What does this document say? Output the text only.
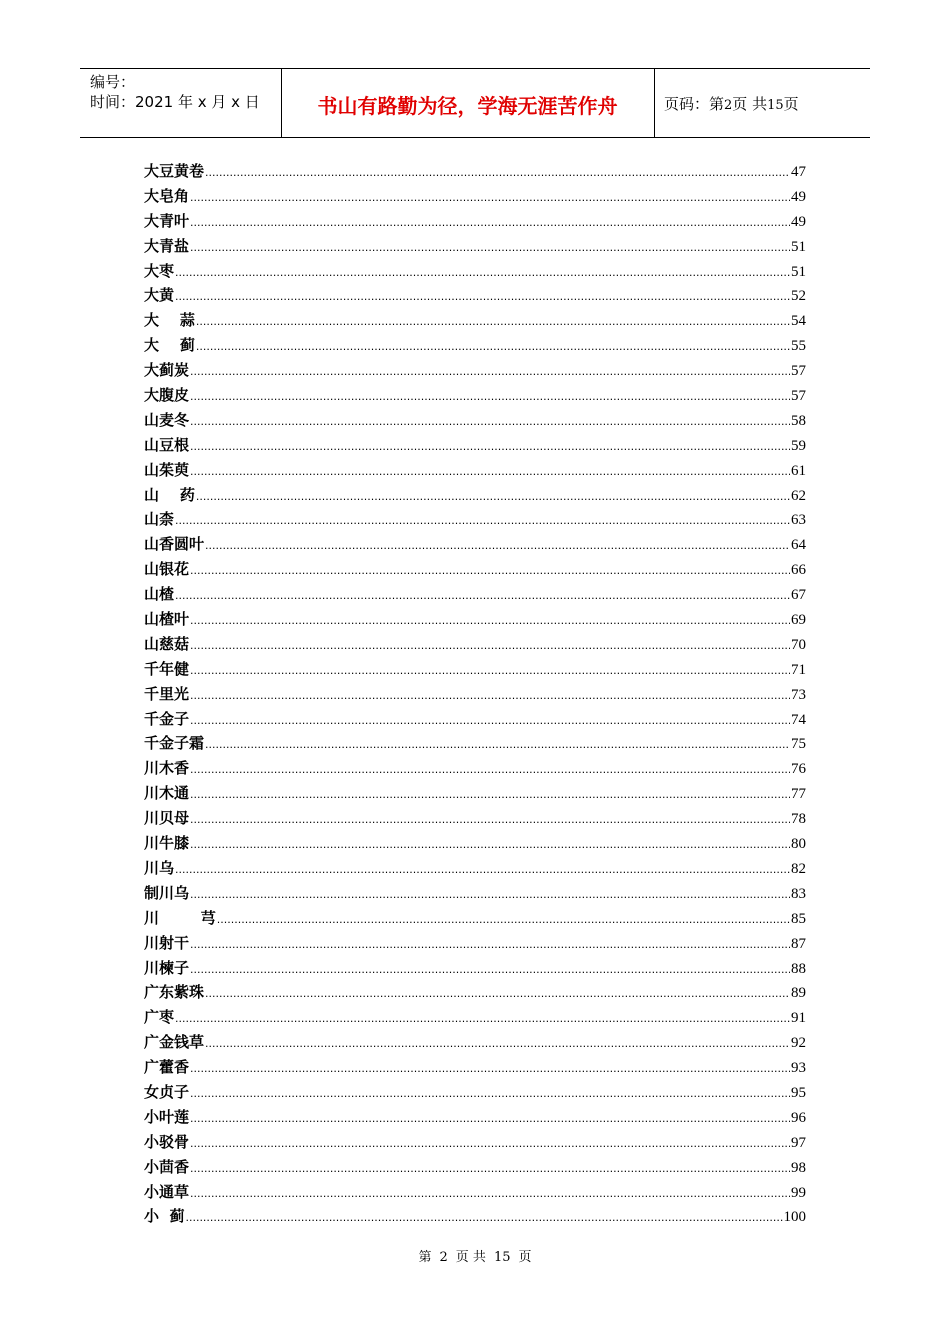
编号：
时间：2021 年 x 月 x 日	书山有路勤为径，学海无涯苦作舟	页码：第2页 共15页
大豆黄卷 .....	47
大皂角 .....	49
大青叶 .....	49
大青盐 .....	51
大枣 .....	51
大黄 .....	52
大    蒜 .....	54
大    蓟 .....	55
大蓟炭 .....	57
大腹皮 .....	57
山麦冬 .....	58
山豆根 .....	59
山茱萸 .....	61
山    药 .....	62
山柰 .....	63
山香圆叶 .....	64
山银花 .....	66
山楂 .....	67
山楂叶 .....	69
山慈菇 .....	70
千年健 .....	71
千里光 .....	73
千金子 .....	74
千金子霜 .....	75
川木香 .....	76
川木通 .....	77
川贝母 .....	78
川牛膝 .....	80
川乌 .....	82
制川乌 .....	83
川        芎 .....	85
川射干 .....	87
川楝子 .....	88
广东紫珠 .....	89
广枣 .....	91
广金钱草 .....	92
广藿香 .....	93
女贞子 .....	95
小叶莲 .....	96
小驳骨 .....	97
小茴香 .....	98
小通草 .....	99
小  蓟 .....	100
第 2 页 共 15 页
